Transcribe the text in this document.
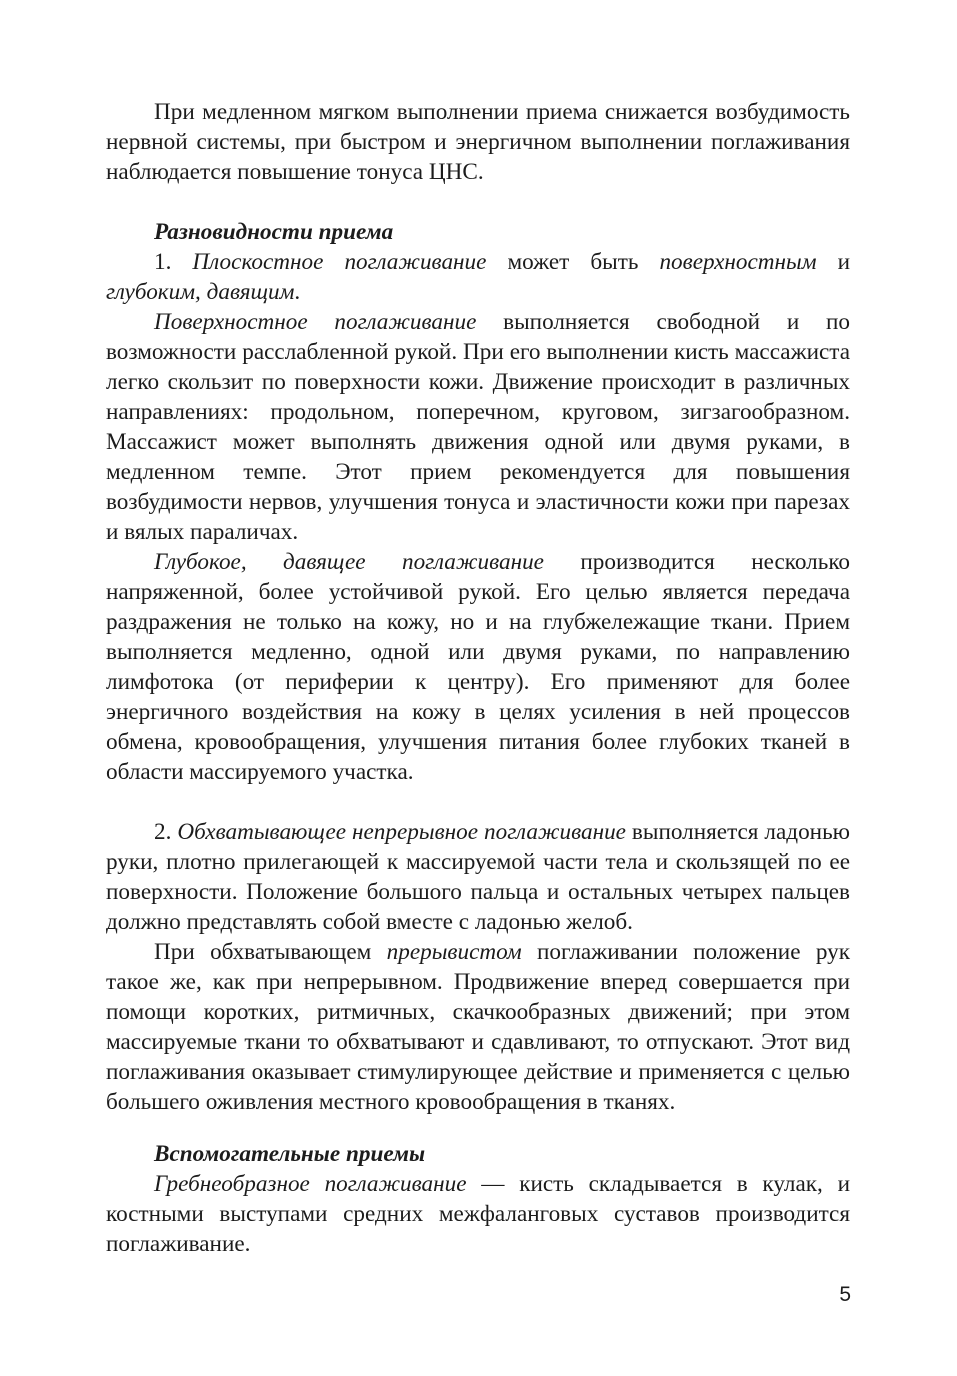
При медленном мягком выполнении приема снижается возбудимость нервной системы, при быстром и энергичном выполнении поглаживания наблюдается повышение тонуса ЦНС.

Разновидности приема

1. Плоскостное поглаживание может быть поверхностным и глубоким, давящим.

Поверхностное поглаживание выполняется свободной и по возможности расслабленной рукой. При его выполнении кисть массажиста легко скользит по поверхности кожи. Движение происходит в различных направлениях: продольном, поперечном, круговом, зигзагообразном. Массажист может выполнять движения одной или двумя руками, в медленном темпе. Этот прием рекомендуется для повышения возбудимости нервов, улучшения тонуса и эластичности кожи при парезах и вялых параличах.

Глубокое, давящее поглаживание производится несколько напряженной, более устойчивой рукой. Его целью является передача раздражения не только на кожу, но и на глубжележащие ткани. Прием выполняется медленно, одной или двумя руками, по направлению лимфотока (от периферии к центру). Его применяют для более энергичного воздействия на кожу в целях усиления в ней процессов обмена, кровообращения, улучшения питания более глубоких тканей в области массируемого участка.

2. Обхватывающее непрерывное поглаживание выполняется ладонью руки, плотно прилегающей к массируемой части тела и скользящей по ее поверхности. Положение большого пальца и остальных четырех пальцев должно представлять собой вместе с ладонью желоб.

При обхватывающем прерывистом поглаживании положение рук такое же, как при непрерывном. Продвижение вперед совершается при помощи коротких, ритмичных, скачкообразных движений; при этом массируемые ткани то обхватывают и сдавливают, то отпускают. Этот вид поглаживания оказывает стимулирующее действие и применяется с целью большего оживления местного кровообращения в тканях.

Вспомогательные приемы

Гребнеобразное поглаживание — кисть складывается в кулак, и костными выступами средних межфаланговых суставов производится поглаживание.

5
